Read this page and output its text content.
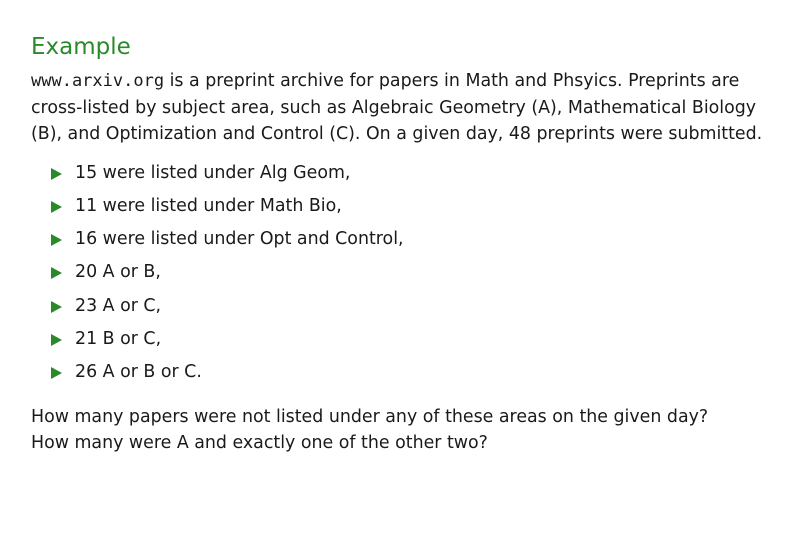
Example

www.arxiv.org is a preprint archive for papers in Math and Phsyics. Preprints are cross-listed by subject area, such as Algebraic Geometry (A), Mathematical Biology (B), and Optimization and Control (C). On a given day, 48 preprints were submitted.

15 were listed under Alg Geom,
11 were listed under Math Bio,
16 were listed under Opt and Control,
20 A or B,
23 A or C,
21 B or C,
26 A or B or C.
How many papers were not listed under any of these areas on the given day?
How many were A and exactly one of the other two?
